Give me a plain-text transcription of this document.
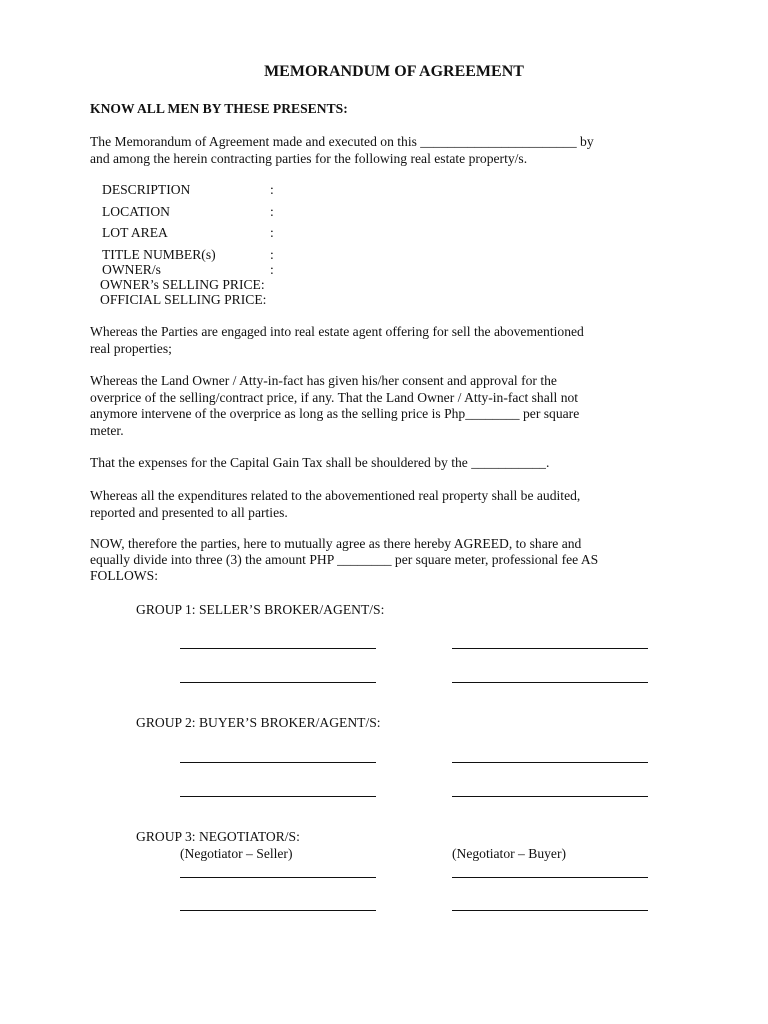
MEMORANDUM OF AGREEMENT
KNOW ALL MEN BY THESE PRESENTS:
The Memorandum of Agreement made and executed on this _______________________ by
and among the herein contracting parties for the following real estate property/s.
DESCRIPTION	:
LOCATION	:
LOT AREA	:
TITLE NUMBER(s)	:
OWNER/s	:
OWNER’s SELLING PRICE:
OFFICIAL SELLING PRICE:
Whereas the Parties are engaged into real estate agent offering for sell the abovementioned
real properties;
Whereas the Land Owner / Atty-in-fact has given his/her consent and approval for the
overprice of the selling/contract price, if any. That the Land Owner / Atty-in-fact shall not
anymore intervene of the overprice as long as the selling price is Php________ per square
meter.
That the expenses for the Capital Gain Tax shall be shouldered by the ___________.
Whereas all the expenditures related to the abovementioned real property shall be audited,
reported and presented to all parties.
NOW, therefore the parties, here to mutually agree as there hereby AGREED, to share and
equally divide into three (3) the amount PHP ________ per square meter, professional fee AS
FOLLOWS:
GROUP 1: SELLER’S BROKER/AGENT/S:
GROUP 2: BUYER’S BROKER/AGENT/S:
GROUP 3: NEGOTIATOR/S:
(Negotiator – Seller)	(Negotiator – Buyer)
